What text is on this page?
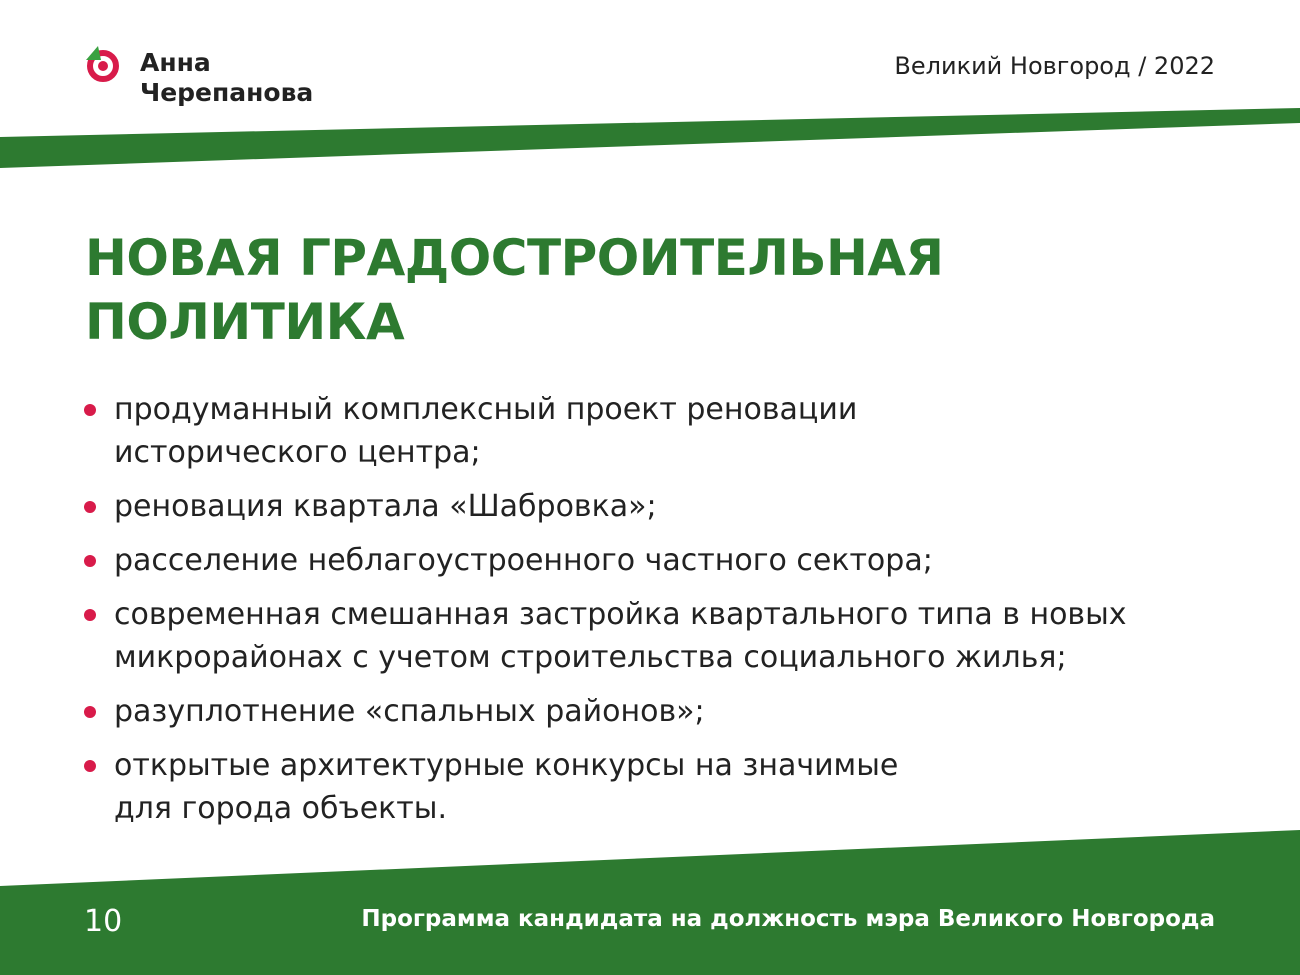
Анна
Черепанова
Великий Новгород / 2022
НОВАЯ ГРАДОСТРОИТЕЛЬНАЯ
ПОЛИТИКА
продуманный комплексный проект реновации
исторического центра;
реновация квартала «Шабровка»;
расселение неблагоустроенного частного сектора;
современная смешанная застройка квартального типа в новых
микрорайонах с учетом строительства социального жилья;
разуплотнение «спальных районов»;
открытые архитектурные конкурсы на значимые
для города объекты.
10	Программа кандидата на должность мэра Великого Новгорода
